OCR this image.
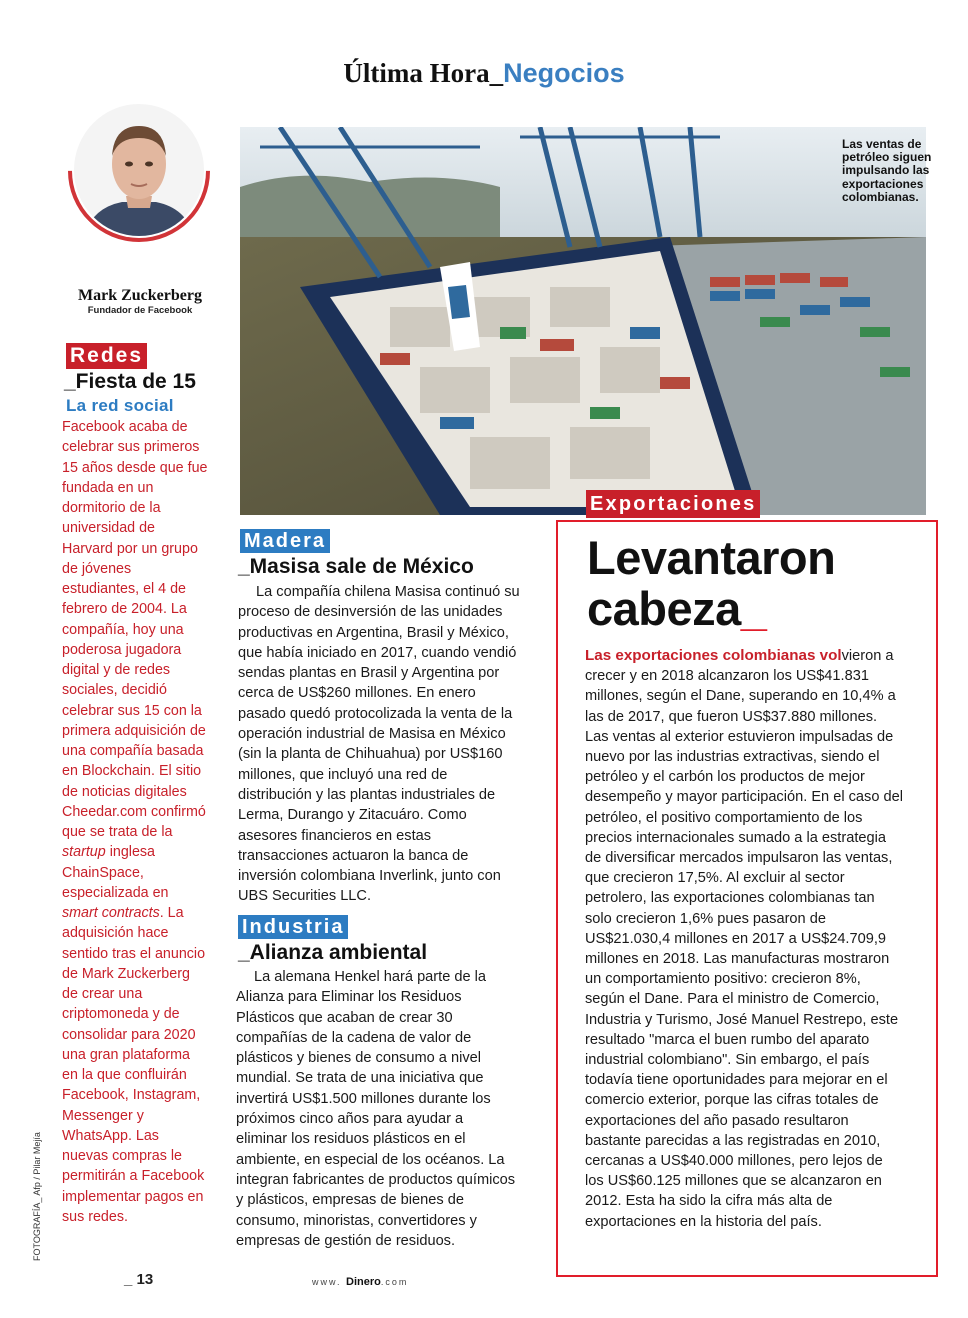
Última Hora_Negocios
Mark Zuckerberg
Fundador de Facebook
Redes
_Fiesta de 15
La red social

Facebook acaba de celebrar sus primeros 15 años desde que fue fundada en un dormitorio de la universidad de Harvard por un grupo de jóvenes estudiantes, el 4 de febrero de 2004. La compañía, hoy una poderosa jugadora digital y de redes sociales, decidió celebrar sus 15 con la primera adquisición de una compañía basada en Blockchain. El sitio de noticias digitales Cheedar.com confirmó que se trata de la startup inglesa ChainSpace, especializada en smart contracts. La adquisición hace sentido tras el anuncio de Mark Zuckerberg de crear una criptomoneda y de consolidar para 2020 una gran plataforma en la que confluirán Facebook, Instagram, Messenger y WhatsApp. Las nuevas compras le permitirán a Facebook implementar pagos en sus redes.

Las ventas de petróleo siguen impulsando las exportaciones colombianas.
Madera
_Masisa sale de México

La compañía chilena Masisa continuó su proceso de desinversión de las unidades productivas en Argentina, Brasil y México, que había iniciado en 2017, cuando vendió sendas plantas en Brasil y Argentina por cerca de US$260 millones. En enero pasado quedó protocolizada la venta de la operación industrial de Masisa en México (sin la planta de Chihuahua) por US$160 millones, que incluyó una red de distribución y las plantas industriales de Lerma, Durango y Zitacuáro. Como asesores financieros en estas transacciones actuaron la banca de inversión colombiana Inverlink, junto con UBS Securities LLC.

Industria
_Alianza ambiental

La alemana Henkel hará parte de la Alianza para Eliminar los Residuos Plásticos que acaban de crear 30 compañías de la cadena de valor de plásticos y bienes de consumo a nivel mundial. Se trata de una iniciativa que invertirá US$1.500 millones durante los próximos cinco años para ayudar a eliminar los residuos plásticos en el ambiente, en especial de los océanos. La integran fabricantes de productos químicos y plásticos, empresas de bienes de consumo, minoristas, convertidores y empresas de gestión de residuos.

Exportaciones
Levantaron
cabeza_
Las exportaciones colombianas volvieron a crecer y en 2018 alcanzaron los US$41.831 millones, según el Dane, superando en 10,4% a las de 2017, que fueron US$37.880 millones. Las ventas al exterior estuvieron impulsadas de nuevo por las industrias extractivas, siendo el petróleo y el carbón los productos de mejor desempeño y mayor participación. En el caso del petróleo, el positivo comportamiento de los precios internacionales sumado a la estrategia de diversificar mercados impulsaron las ventas, que crecieron 17,5%. Al excluir al sector petrolero, las exportaciones colombianas tan solo crecieron 1,6% pues pasaron de US$21.030,4 millones en 2017 a US$24.709,9 millones en 2018. Las manufacturas mostraron un comportamiento positivo: crecieron 8%, según el Dane. Para el ministro de Comercio, Industria y Turismo, José Manuel Restrepo, este resultado "marca el buen rumbo del aparato industrial colombiano". Sin embargo, el país todavía tiene oportunidades para mejorar en el comercio exterior, porque las cifras totales de exportaciones del año pasado resultaron bastante parecidas a las registradas en 2010, cercanas a US$40.000 millones, pero lejos de los US$60.125 millones que se alcanzaron en 2012. Esta ha sido la cifra más alta de exportaciones en la historia del país.
FOTOGRAFÍA_ Afp / Pilar Mejía
_ 13	www. Dinero.com
